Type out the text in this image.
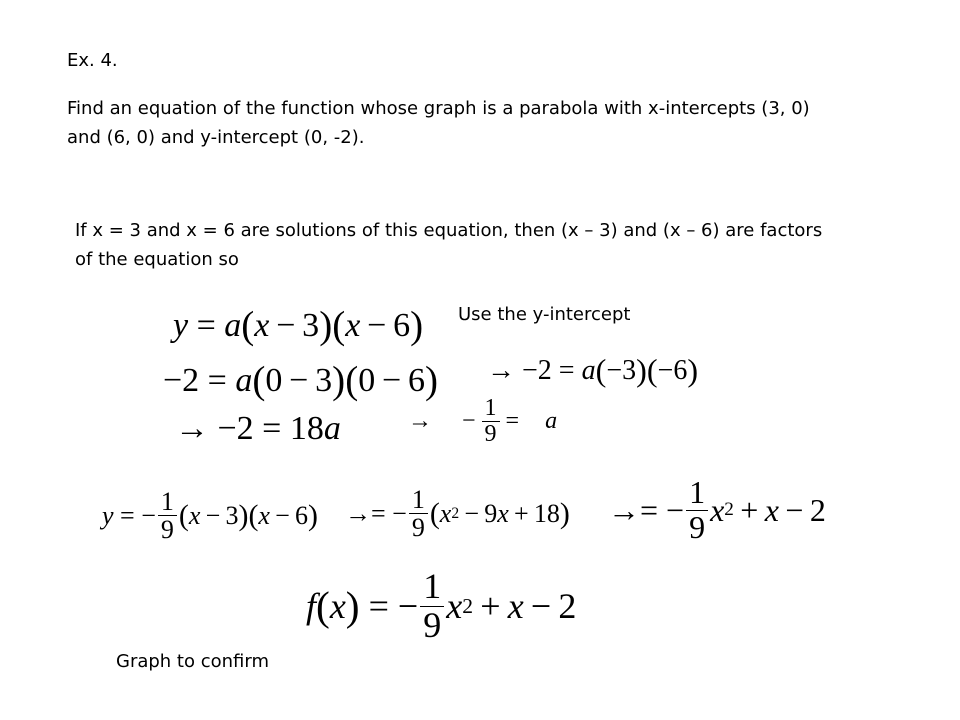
Ex. 4.
Find an equation of the function whose graph is a parabola with x-intercepts (3, 0)
and (6, 0) and y-intercept (0, -2).
If x = 3 and x = 6 are solutions of this equation, then (x – 3) and (x – 6) are factors
of the equation so
Use the y-intercept
y = a ( x  − 3 ) ( x  − 6 )
−2 = a ( 0 − 3 ) ( 0 − 6 ) → −2 = a ( −3 ) ( −6 )
→ −2 = 18 a	→ − $\frac{1}{9} = a$
y = − $\frac{1}{9}$ ( x  − 3 ) ( x  − 6 ) →= − $\frac{1}{9}$ ( x 2  − 9 x  + 18 ) →= − $\frac{1}{9}$ x 2  +  x  − 2
f ( x ) = − $\frac{1}{9}$ x 2  +  x  − 2
Graph to confirm
